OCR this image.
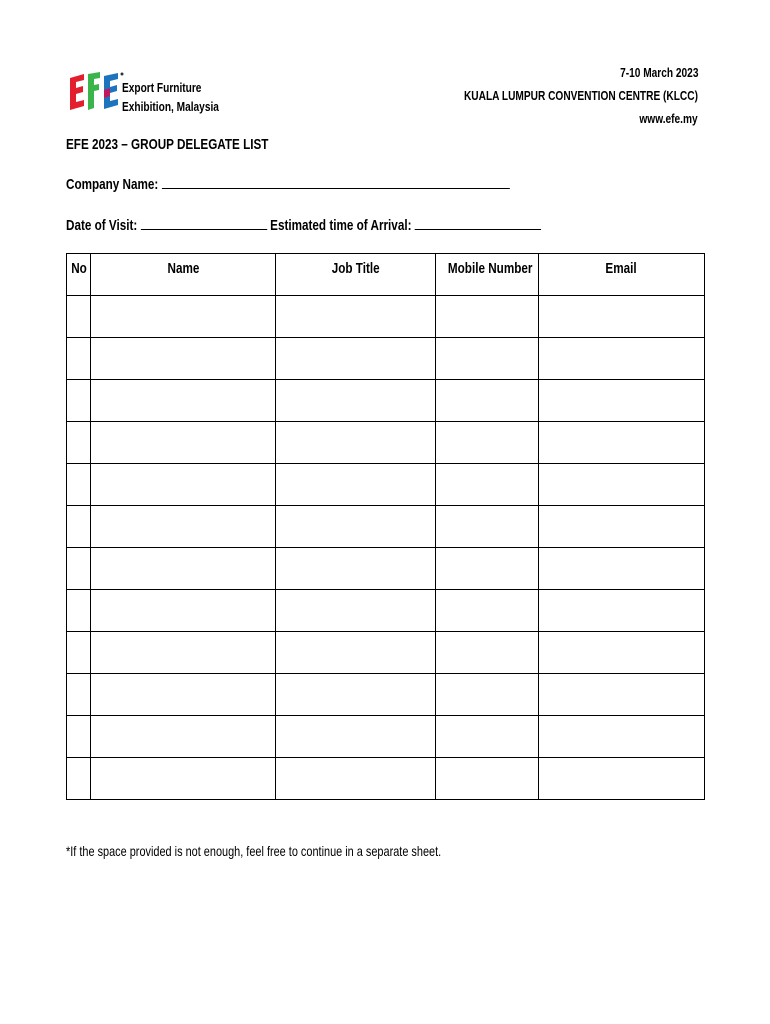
Export Furniture
Exhibition, Malaysia
7-10 March 2023
KUALA LUMPUR CONVENTION CENTRE (KLCC)
www.efe.my
EFE 2023 – GROUP DELEGATE LIST
Company Name:
Date of Visit:	Estimated time of Arrival:
No	Name	Job Title	Mobile Number	Email

*If the space provided is not enough, feel free to continue in a separate sheet.
